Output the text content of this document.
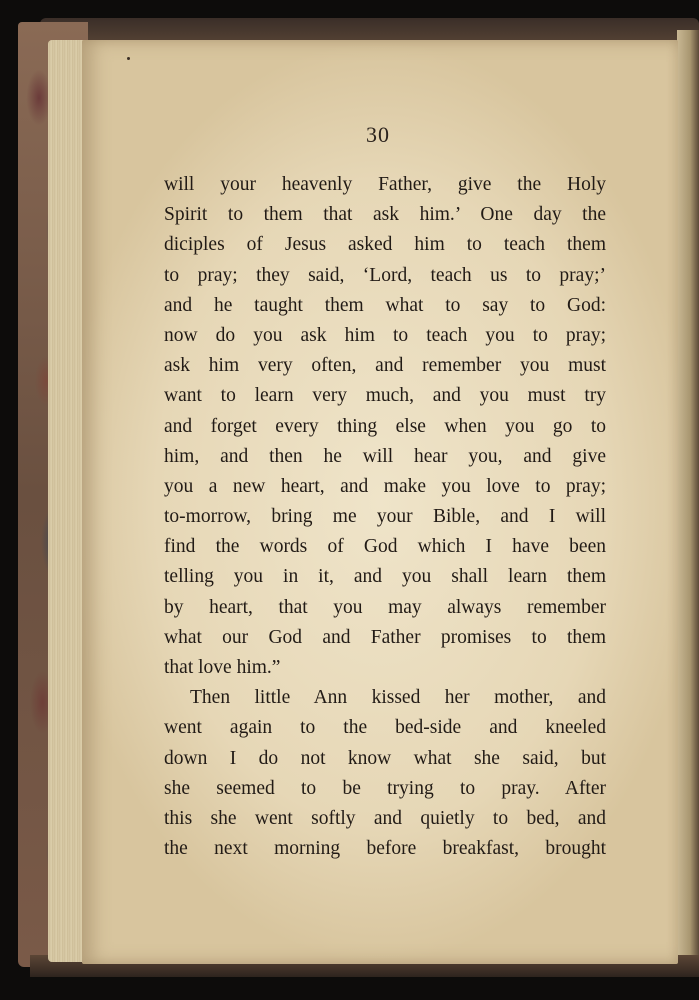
30
will your heavenly Father, give the Holy
Spirit to them that ask him.’ One day the
diciples of Jesus asked him to teach them
to pray; they said, ‘Lord, teach us to pray;’
and he taught them what to say to God:
now do you ask him to teach you to pray;
ask him very often, and remember you must
want to learn very much, and you must try
and forget every thing else when you go to
him, and then he will hear you, and give
you a new heart, and make you love to pray;
to-morrow, bring me your Bible, and I will
find the words of God which I have been
telling you in it, and you shall learn them
by heart, that you may always remember
what our God and Father promises to them
that love him.”
Then little Ann kissed her mother, and
went again to the bed-side and kneeled
down I do not know what she said, but
she seemed to be trying to pray. After
this she went softly and quietly to bed, and
the next morning before breakfast, brought
